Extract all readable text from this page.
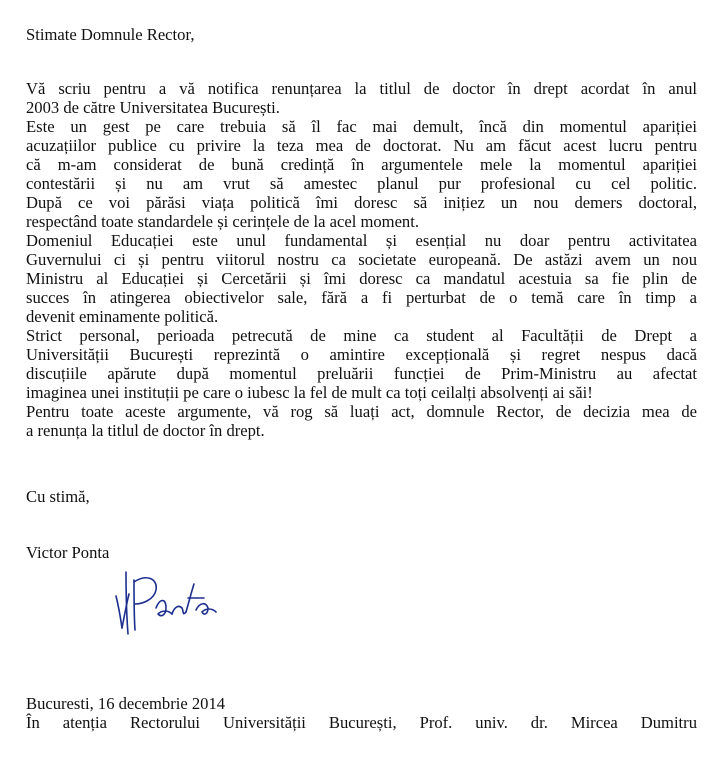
Stimate Domnule Rector,

Vă scriu pentru a vă notifica renunțarea la titlul de doctor în drept acordat în anul

2003 de către Universitatea București.

Este un gest pe care trebuia să îl fac mai demult, încă din momentul apariției

acuzațiilor publice cu privire la teza mea de doctorat. Nu am făcut acest lucru pentru

că m-am considerat de bună credință în argumentele mele la momentul apariției

contestării și nu am vrut să amestec planul pur profesional cu cel politic.

După ce voi părăsi viața politică îmi doresc să inițiez un nou demers doctoral,

respectând toate standardele și cerințele de la acel moment.

Domeniul Educației este unul fundamental și esențial nu doar pentru activitatea

Guvernului ci și pentru viitorul nostru ca societate europeană. De astăzi avem un nou

Ministru al Educației și Cercetării și îmi doresc ca mandatul acestuia sa fie plin de

succes în atingerea obiectivelor sale, fără a fi perturbat de o temă care în timp a

devenit eminamente politică.

Strict personal, perioada petrecută de mine ca student al Facultății de Drept a

Universității București reprezintă o amintire excepțională și regret nespus dacă

discuțiile apărute după momentul preluării funcției de Prim-Ministru au afectat

imaginea unei instituții pe care o iubesc la fel de mult ca toți ceilalți absolvenți ai săi!

Pentru toate aceste argumente, vă rog să luați act, domnule Rector, de decizia mea de

a renunța la titlul de doctor în drept.

Cu stimă,

Victor Ponta

Bucuresti, 16 decembrie 2014

În atenția Rectorului Universității București, Prof. univ. dr. Mircea Dumitru
